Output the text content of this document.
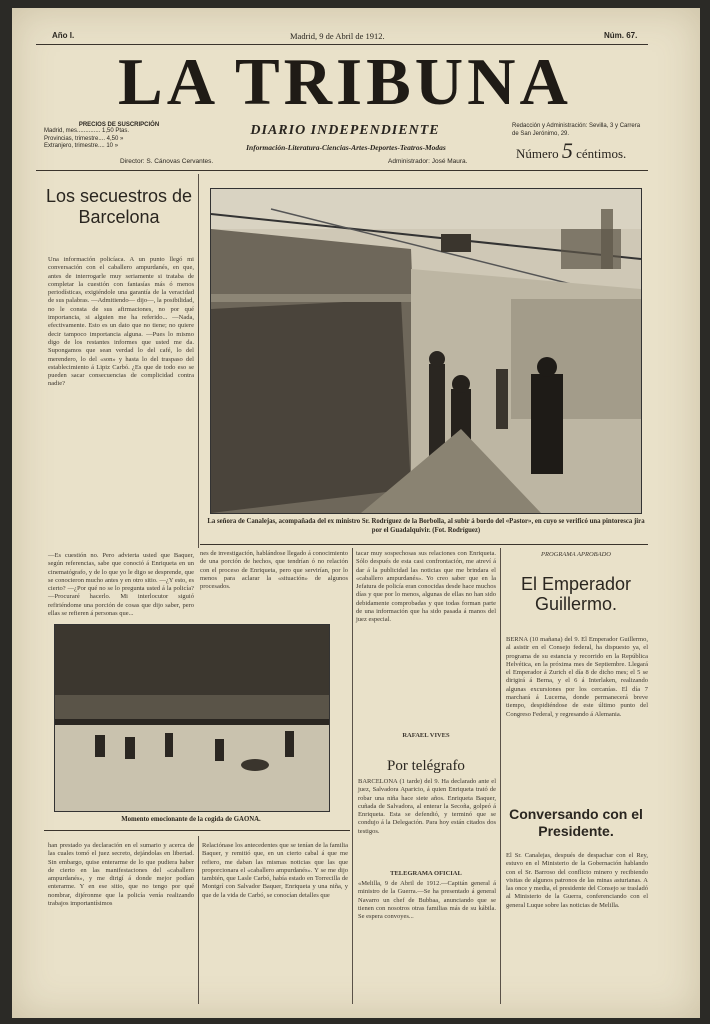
Año I.	Madrid, 9 de Abril de 1912.	Núm. 67.
LA TRIBUNA
PRECIOS DE SUSCRIPCIÓN
Madrid, mes.............. 1,50 Ptas.
Provincias, trimestre.... 4,50 »
Extranjero, trimestre.... 10 »
DIARIO INDEPENDIENTE
Información-Literatura-Ciencias-Artes-Deportes-Teatros-Modas
Redacción y Administración: Sevilla, 3 y Carrera de San Jerónimo, 29.
Número 5 céntimos.
Director: S. Cánovas Cervantes.	Administrador: José Maura.
Los secuestros de Barcelona
Una información policíaca. A un punto llegó mi conversación con el caballero ampurdanés, en que, antes de interrogarle muy seriamente si trataba de completar la cuestión con fantasías más ó menos periodísticas, exigiéndole una garantía de la veracidad de sus palabras. —Admitiendo— dijo—, la posibilidad, no le consta de sus afirmaciones, no por qué importancia, si alguien me ha referido... —Nada, efectivamente. Esto es un dato que no tiene; no quiere decir tampoco importancia alguna. —Pues lo mismo digo de los restantes informes que usted me da. Supongamos que sean verdad lo del café, lo del merendero, lo del «son» y hasta lo del traspaso del establecimiento á Lipiz Carbó. ¿Es que de todo eso se pueden sacar consecuencias de complicidad contra nadie?
La señora de Canalejas, acompañada del ex ministro Sr. Rodríguez de la Borbolla, al subir á bordo del «Pastor», en cuyo se verificó una pintoresca jira por el Guadalquivir. (Fot. Rodríguez)
—Es cuestión no. Pero advierta usted que Baquer, según referencias, sabe que conoció á Enriqueta en un cinematógrafo, y de lo que yo le digo se desprende, que se conocieron mucho antes y en otro sitio. —¿Y esto, es cierto? —¿Por qué no se lo pregunta usted á la policía? —Procuraré hacerlo. Mi interlocutor siguió refiriéndome una porción de cosas que dijo saber, pero ellas se refieren á personas que...
nes de investigación, hablándose llegado á conocimiento de una porción de hechos, que tendrían ó no relación con el proceso de Enriqueta, pero que servirían, por lo menos para aclarar la «situación» de algunos procesados.
tacar muy sospechosas sus relaciones con Enriqueta. Sólo después de esta casi confrontación, me atreví á dar á la publicidad las noticias que me brindara el «caballero ampurdanés». Yo creo saber que en la Jefatura de policía eran conocidas desde hace muchos días y que por lo menos, algunas de ellas no han sido debidamente comprobadas y que todas forman parte de una información que ha sido pasada á manos del juez especial.
RAFAEL VIVES
Por telégrafo
BARCELONA (1 tarde) del 9. Ha declarado ante el juez, Salvadora Aparicio, á quien Enriqueta trató de robar una niña hace siete años. Enriqueta Baquer, cuñada de Salvadora, al enterar la Secoña, golpeó á Enriqueta. Esta se defendió, y terminó que se condujo á la Delegación. Para hoy están citados dos testigos.
TELEGRAMA OFICIAL
«Melilla, 9 de Abril de 1912.—Capitán general á ministro de la Guerra.—Se ha presentado á general Navarro un chef de Bubbaa, anunciando que se tienen con nosotros otras familias más de su kábila. Se espera convoyes...
PROGRAMA APROBADO
El Emperador Guillermo.
BERNA (10 mañana) del 9. El Emperador Guillermo, al asistir en el Consejo federal, ha dispuesto ya, el programa de su estancia y recorrido en la República Helvética, en la próxima mes de Septiembre. Llegará el Emperador á Zurich el día 8 de dicho mes; el 5 se dirigirá á Berna, y el 6 á Interlaken, realizando algunas excursiones por los cercanías. El día 7 marchará á Lucerna, donde permanecerá breve tiempo, despidiéndose de este último punto del Congreso Federal, y regresando á Alemania.
Conversando con el Presidente.
El Sr. Canalejas, después de despachar con el Rey, estuvo en el Ministerio de la Gobernación hablando con el Sr. Barroso del conflicto minero y recibiendo visitas de algunos patronos de las minas asturianas. A las once y media, el presidente del Consejo se trasladó al Ministerio de la Guerra, conferenciando con el general Luque sobre las noticias de Melilla.
Momento emocionante de la cogida de GAONA.
han prestado ya declaración en el sumario y acerca de las cuales tomó el juez secreto, dejándolas en libertad. Sin embargo, quise enterarme de lo que pudiera haber de cierto en las manifestaciones del «caballero ampurdanés», y me dirigí á donde mejor podían enterarme. Y en ese sitio, que no tengo por qué nombrar, dijéronme que la policía venía realizando trabajos importantísimos
Relaciónase los antecedentes que se tenían de la familia Baquer, y remitió que, en un cierto cabal á que me refiero, me daban las mismas noticias que las que proporcionara el «caballero ampurdanés». Y se me dijo también, que Lasle Carbó, había estado en Torrecilla de Montgrí con Salvador Baquer, Enriqueta y una niña, y que de la vida de Carbó, se conocían detalles que
